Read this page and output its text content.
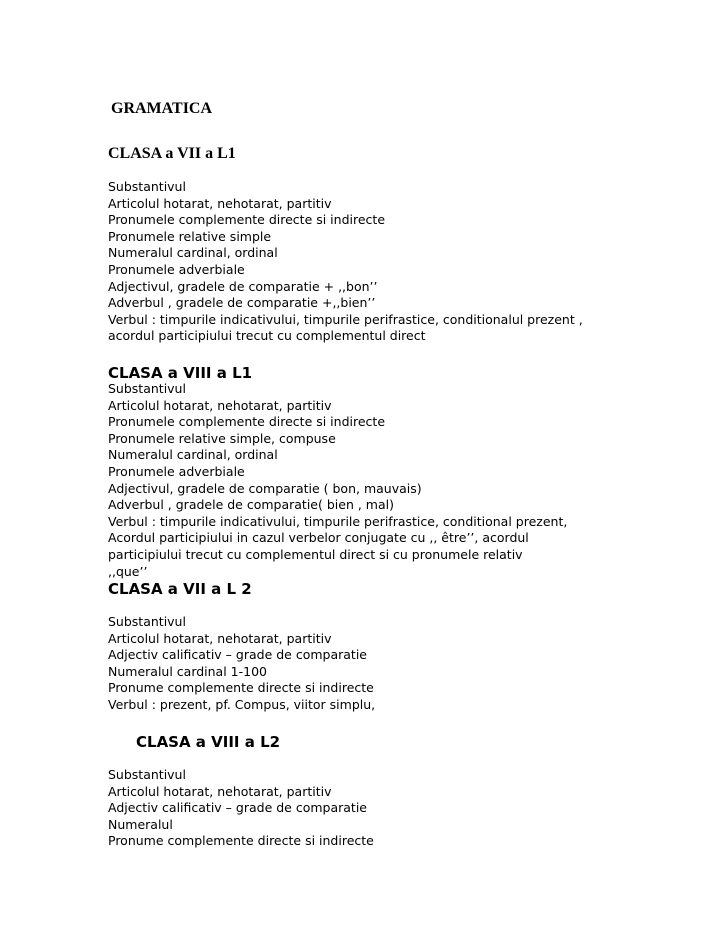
GRAMATICA
CLASA a VII a L1
Substantivul
Articolul hotarat, nehotarat, partitiv
Pronumele complemente directe si indirecte
Pronumele relative simple
Numeralul cardinal, ordinal
Pronumele adverbiale
Adjectivul, gradele de comparatie + ,,bon’’
Adverbul , gradele de comparatie +,,bien’’
Verbul : timpurile indicativului, timpurile perifrastice, conditionalul prezent ,
acordul participiului trecut cu complementul direct
CLASA a VIII a L1
Substantivul
Articolul hotarat, nehotarat, partitiv
Pronumele complemente directe si indirecte
Pronumele relative simple, compuse
Numeralul cardinal, ordinal
Pronumele adverbiale
Adjectivul, gradele de comparatie ( bon, mauvais)
Adverbul , gradele de comparatie( bien , mal)
Verbul : timpurile indicativului, timpurile perifrastice, conditional prezent,
Acordul participiului in cazul verbelor conjugate cu ,, être’’, acordul
participiului trecut cu complementul direct si cu pronumele relativ
,,que’’
CLASA a VII a L 2
Substantivul
Articolul hotarat, nehotarat, partitiv
Adjectiv calificativ – grade de comparatie
Numeralul cardinal 1-100
Pronume complemente directe si indirecte
Verbul : prezent, pf. Compus, viitor simplu,
CLASA a VIII a L2
Substantivul
Articolul hotarat, nehotarat, partitiv
Adjectiv calificativ – grade de comparatie
Numeralul
Pronume complemente directe si indirecte
